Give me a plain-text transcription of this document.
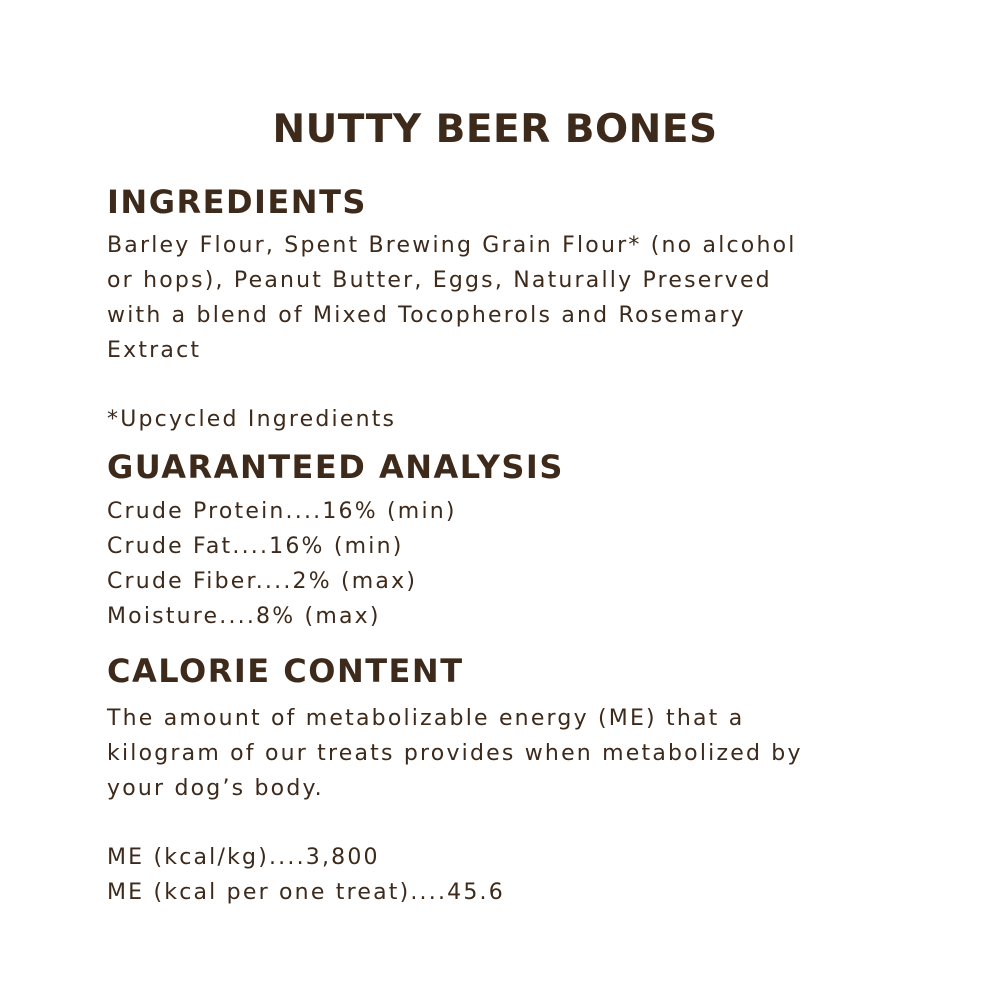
NUTTY BEER BONES
INGREDIENTS
Barley Flour, Spent Brewing Grain Flour* (no alcohol
or hops), Peanut Butter, Eggs, Naturally Preserved
with a blend of Mixed Tocopherols and Rosemary
Extract
*Upcycled Ingredients
GUARANTEED ANALYSIS
Crude Protein....16% (min)
Crude Fat....16% (min)
Crude Fiber....2% (max)
Moisture....8% (max)
CALORIE CONTENT
The amount of metabolizable energy (ME) that a
kilogram of our treats provides when metabolized by
your dog’s body.
ME (kcal/kg)....3,800
ME (kcal per one treat)....45.6
